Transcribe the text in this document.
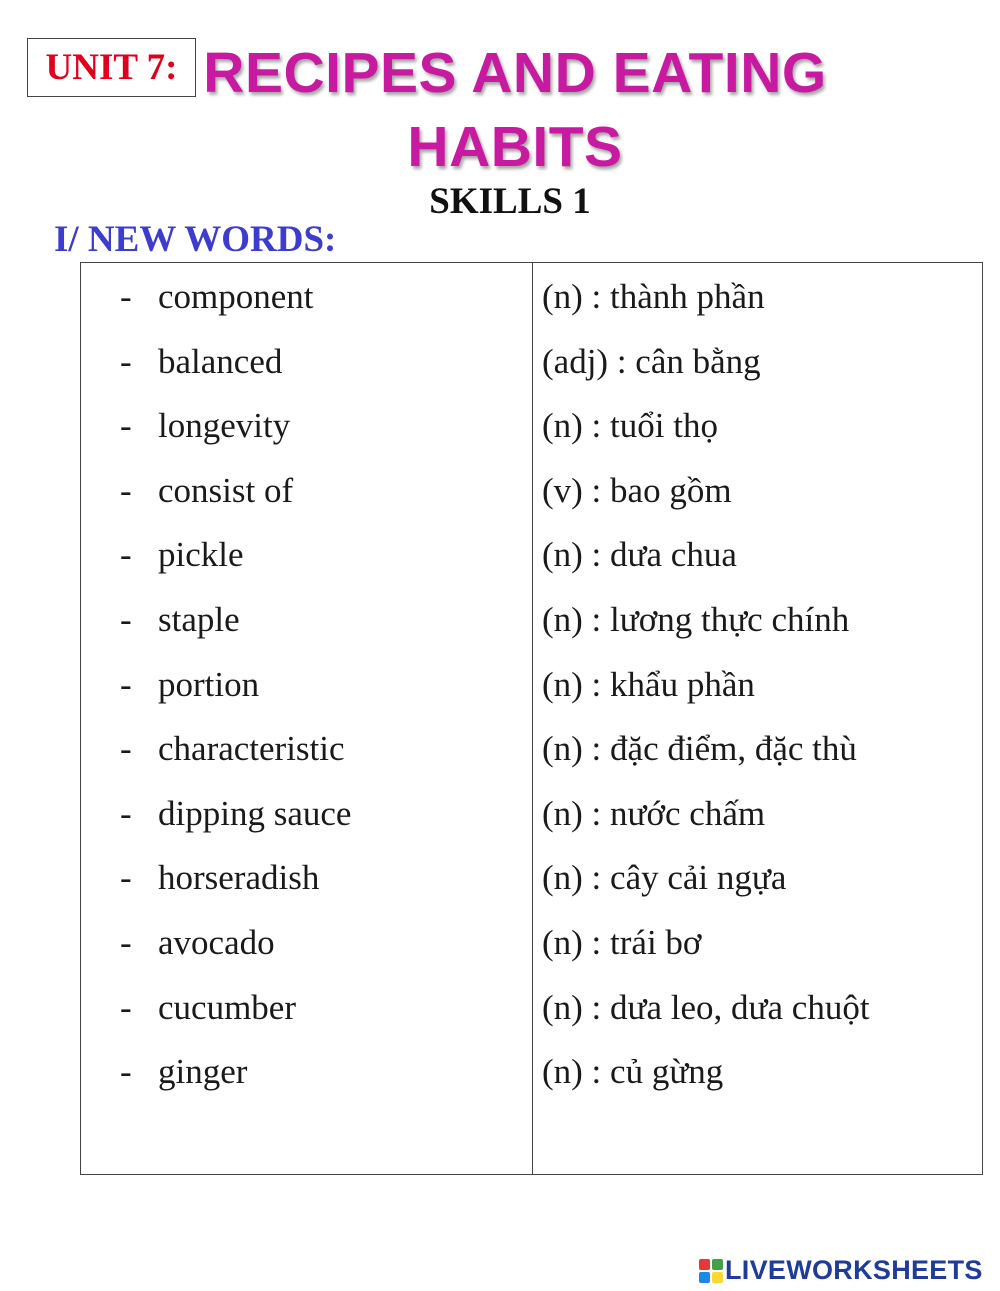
UNIT 7: RECIPES AND EATING
HABITS
SKILLS 1
I/ NEW WORDS:
- component
- balanced
- longevity
- consist of
- pickle
- staple
- portion
- characteristic
- dipping sauce
- horseradish
- avocado
- cucumber
- ginger
(n) : thành phần
(adj) : cân bằng
(n) : tuổi thọ
(v) : bao gồm
(n) : dưa chua
(n) : lương thực chính
(n) : khẩu phần
(n) : đặc điểm, đặc thù
(n) : nước chấm
(n) : cây cải ngựa
(n) : trái bơ
(n) : dưa leo, dưa chuột
(n) : củ gừng
LIVEWORKSHEETS
